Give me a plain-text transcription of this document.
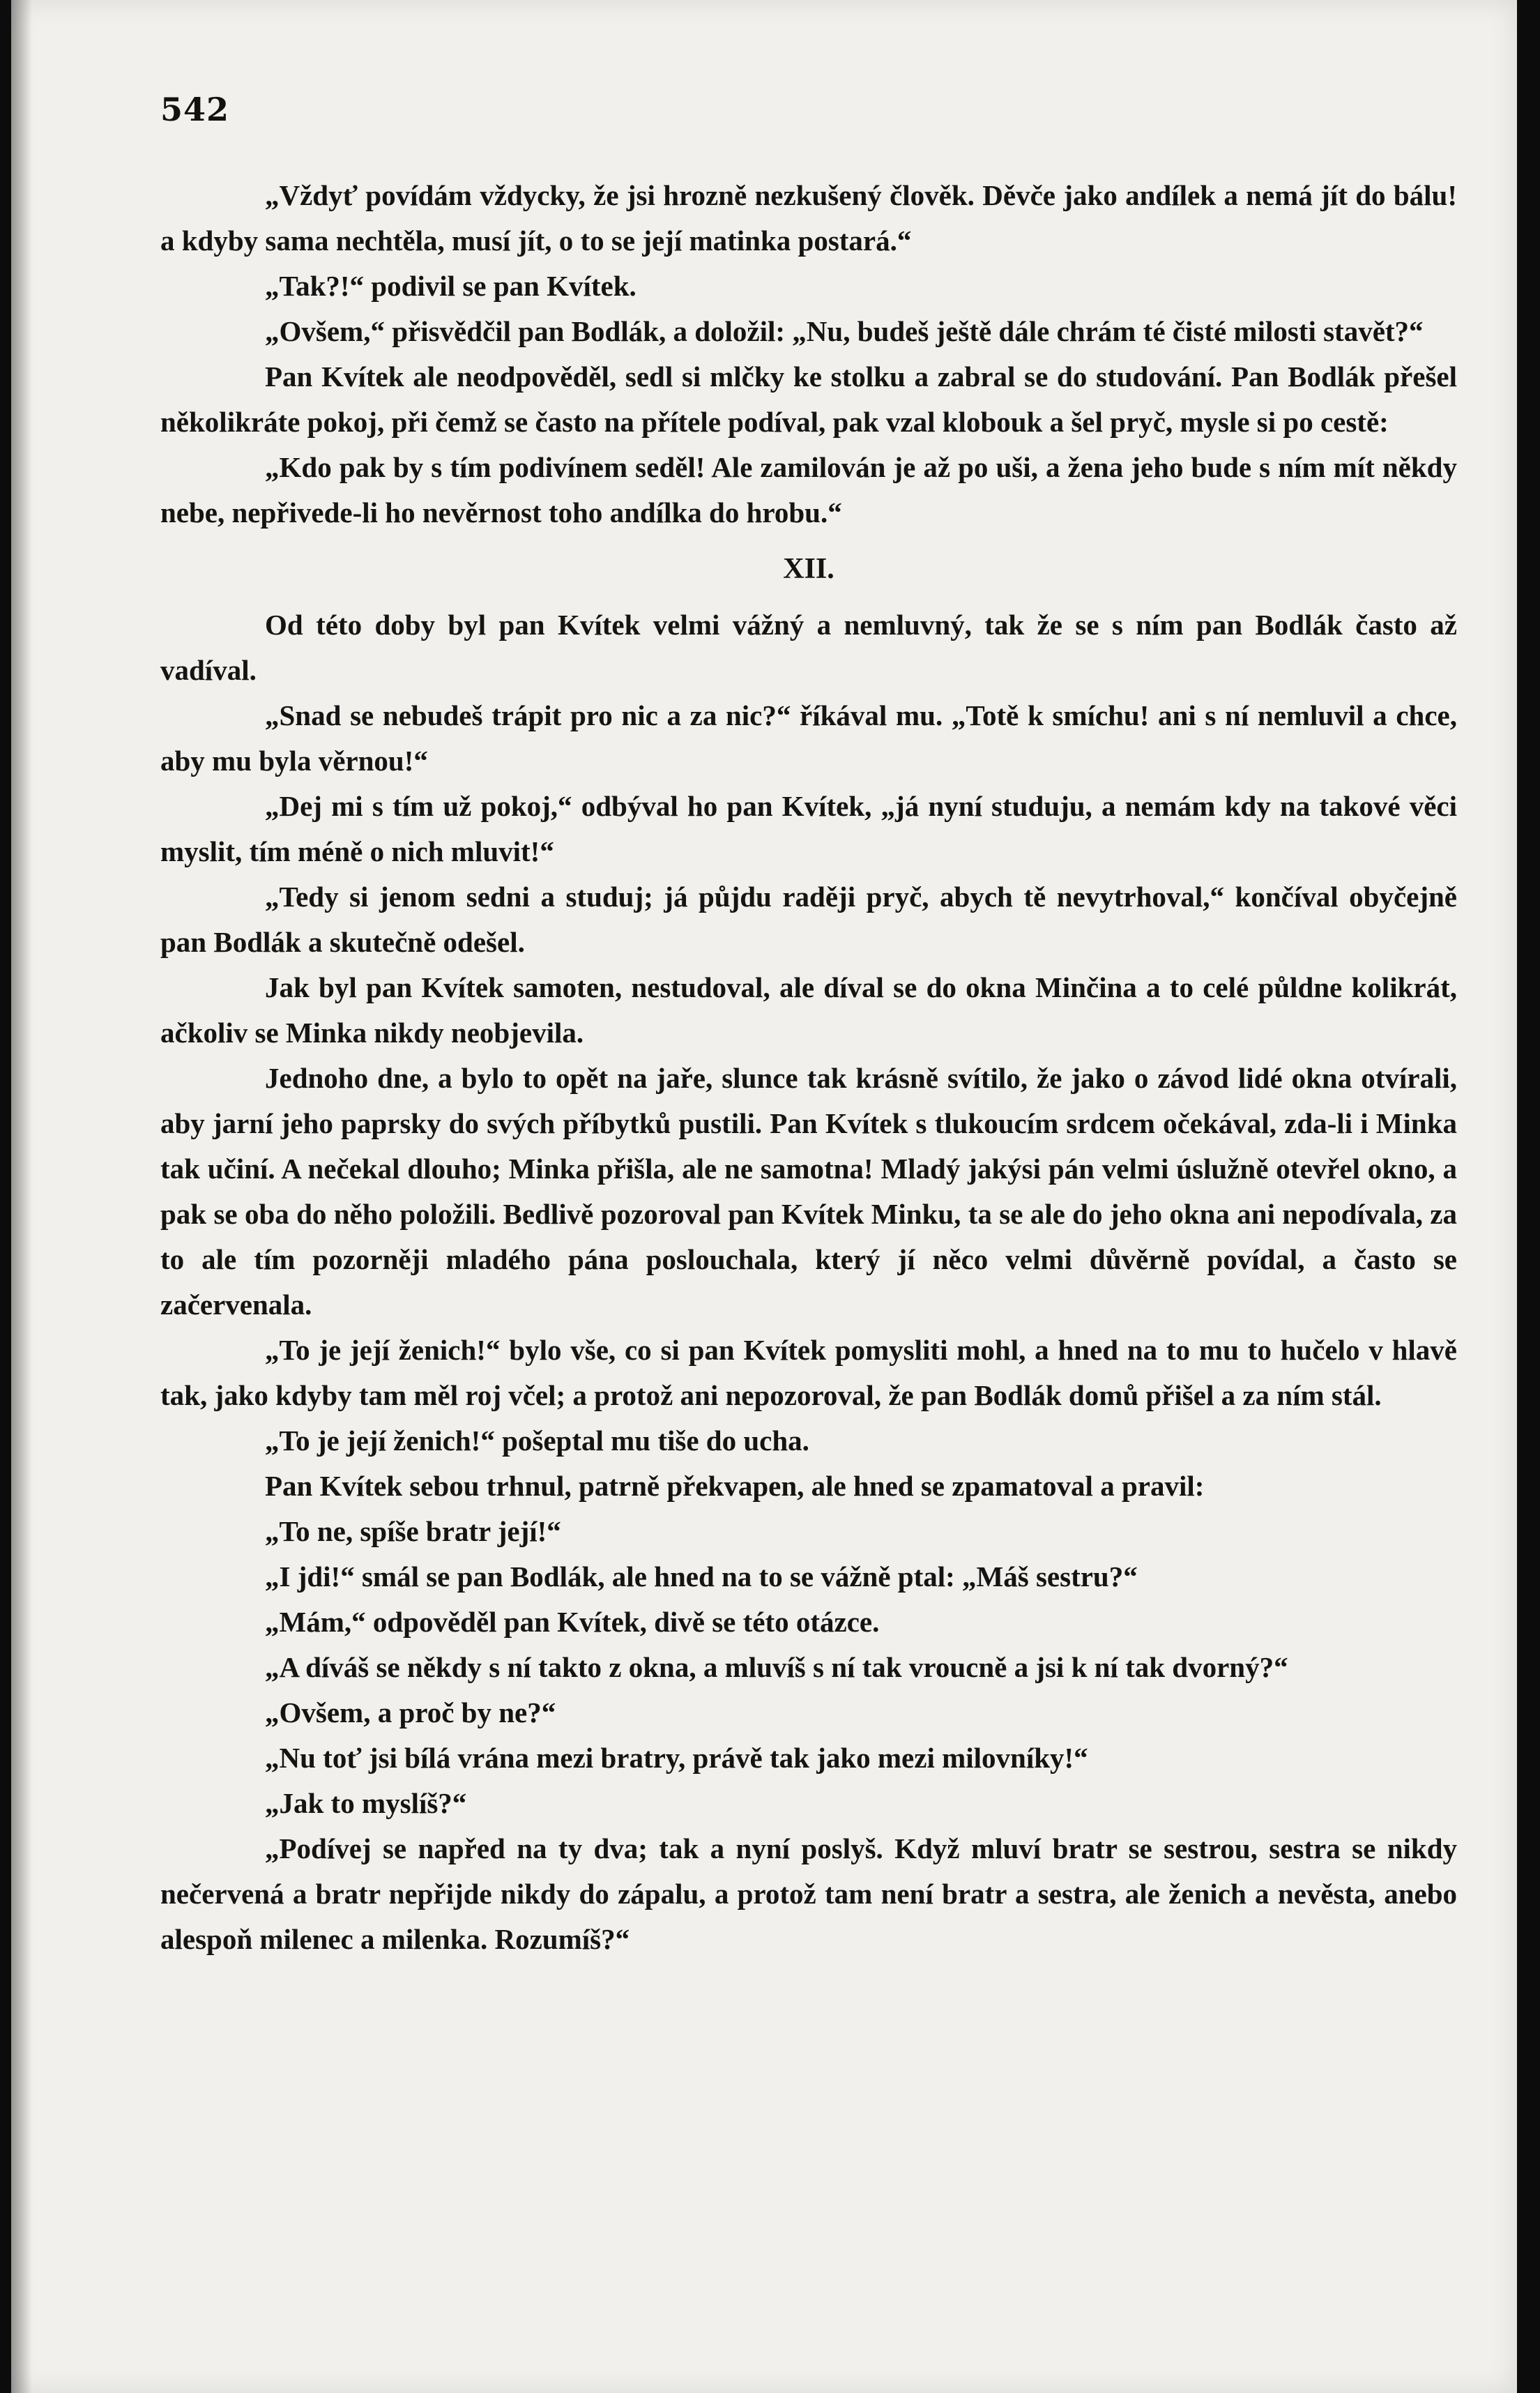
542

„Vždyť povídám vždycky, že jsi hrozně nezkušený člověk. Děvče jako andílek a nemá jít do bálu! a kdyby sama nechtěla, musí jít, o to se její matinka postará.“

„Tak?!“ podivil se pan Kvítek.

„Ovšem,“ přisvědčil pan Bodlák, a doložil: „Nu, budeš ještě dále chrám té čisté milosti stavět?“

Pan Kvítek ale neodpověděl, sedl si mlčky ke stolku a zabral se do studování. Pan Bodlák přešel několikráte pokoj, při čemž se často na přítele podíval, pak vzal klobouk a šel pryč, mysle si po cestě:

„Kdo pak by s tím podivínem seděl! Ale zamilován je až po uši, a žena jeho bude s ním mít někdy nebe, nepřivede-li ho nevěrnost toho andílka do hrobu.“

XII.

Od této doby byl pan Kvítek velmi vážný a nemluvný, tak že se s ním pan Bodlák často až vadíval.

„Snad se nebudeš trápit pro nic a za nic?“ říkával mu. „Totě k smíchu! ani s ní nemluvil a chce, aby mu byla věrnou!“

„Dej mi s tím už pokoj,“ odbýval ho pan Kvítek, „já nyní studuju, a nemám kdy na takové věci myslit, tím méně o nich mluvit!“

„Tedy si jenom sedni a studuj; já půjdu raději pryč, abych tě nevytrhoval,“ končíval obyčejně pan Bodlák a skutečně odešel.

Jak byl pan Kvítek samoten, nestudoval, ale díval se do okna Minčina a to celé půldne kolikrát, ačkoliv se Minka nikdy neobjevila.

Jednoho dne, a bylo to opět na jaře, slunce tak krásně svítilo, že jako o závod lidé okna otvírali, aby jarní jeho paprsky do svých příbytků pustili. Pan Kvítek s tlukoucím srdcem očekával, zda-li i Minka tak učiní. A nečekal dlouho; Minka přišla, ale ne samotna! Mladý jakýsi pán velmi úslužně otevřel okno, a pak se oba do něho položili. Bedlivě pozoroval pan Kvítek Minku, ta se ale do jeho okna ani nepodívala, za to ale tím pozorněji mladého pána poslouchala, který jí něco velmi důvěrně povídal, a často se začervenala.

„To je její ženich!“ bylo vše, co si pan Kvítek pomysliti mohl, a hned na to mu to hučelo v hlavě tak, jako kdyby tam měl roj včel; a protož ani nepozoroval, že pan Bodlák domů přišel a za ním stál.

„To je její ženich!“ pošeptal mu tiše do ucha.

Pan Kvítek sebou trhnul, patrně překvapen, ale hned se zpamatoval a pravil:

„To ne, spíše bratr její!“

„I jdi!“ smál se pan Bodlák, ale hned na to se vážně ptal: „Máš sestru?“

„Mám,“ odpověděl pan Kvítek, divě se této otázce.

„A díváš se někdy s ní takto z okna, a mluvíš s ní tak vroucně a jsi k ní tak dvorný?“

„Ovšem, a proč by ne?“

„Nu toť jsi bílá vrána mezi bratry, právě tak jako mezi milovníky!“

„Jak to myslíš?“

„Podívej se napřed na ty dva; tak a nyní poslyš. Když mluví bratr se sestrou, sestra se nikdy nečervená a bratr nepřijde nikdy do zápalu, a protož tam není bratr a sestra, ale ženich a nevěsta, anebo alespoň milenec a milenka. Rozumíš?“
